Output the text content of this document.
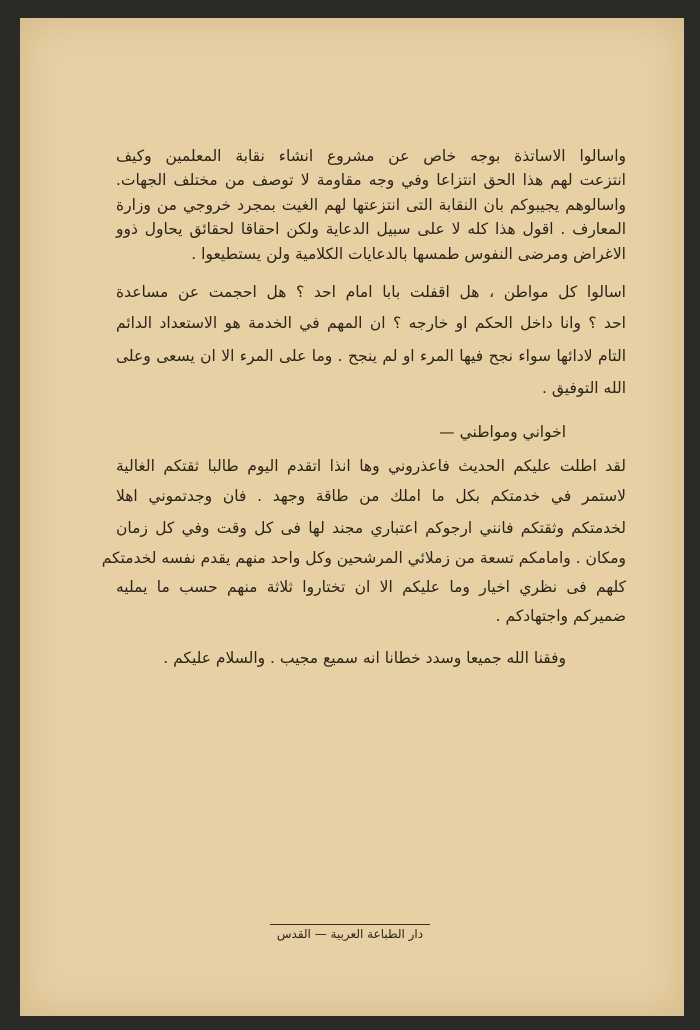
واسالوا الاساتذة بوجه خاص عن مشروع انشاء نقابة المعلمين وكيف
انتزعت لهم هذا الحق انتزاعا وفي وجه مقاومة لا توصف من مختلف الجهات.
واسالوهم يجيبوكم بان النقابة التى انتزعتها لهم الغيت بمجرد خروجي من وزارة
المعارف . اقول هذا كله لا على سبيل الدعاية ولكن احقاقا لحقائق يحاول ذوو
الاغراض ومرضى النفوس طمسها بالدعايات الكلامية ولن يستطيعوا .
اسالوا كل مواطن ، هل اقفلت بابا امام احد ؟ هل احجمت عن مساعدة
احد ؟ وانا داخل الحكم او خارجه ؟ ان المهم في الخدمة هو الاستعداد الدائم
التام لادائها سواء نجح فيها المرء او لم ينجح . وما على المرء الا ان يسعى وعلى
الله التوفيق .
اخواني ومواطني —
لقد اطلت عليكم الحديث فاعذروني وها انذا اتقدم اليوم طالبا ثقتكم الغالية
لاستمر في خدمتكم بكل ما املك من طاقة وجهد . فان وجدتموني اهلا
لخدمتكم وثقتكم فانني ارجوكم اعتباري مجند لها فى كل وقت وفي كل زمان
ومكان . وامامكم تسعة من زملائي المرشحين وكل واحد منهم يقدم نفسه لخدمتكم
كلهم فى نظري اخيار وما عليكم الا ان تختاروا ثلاثة منهم حسب ما يمليه
ضميركم واجتهادكم .
وفقنا الله جميعا وسدد خطانا انه سميع مجيب . والسلام عليكم .
دار الطباعة العربية — القدس
